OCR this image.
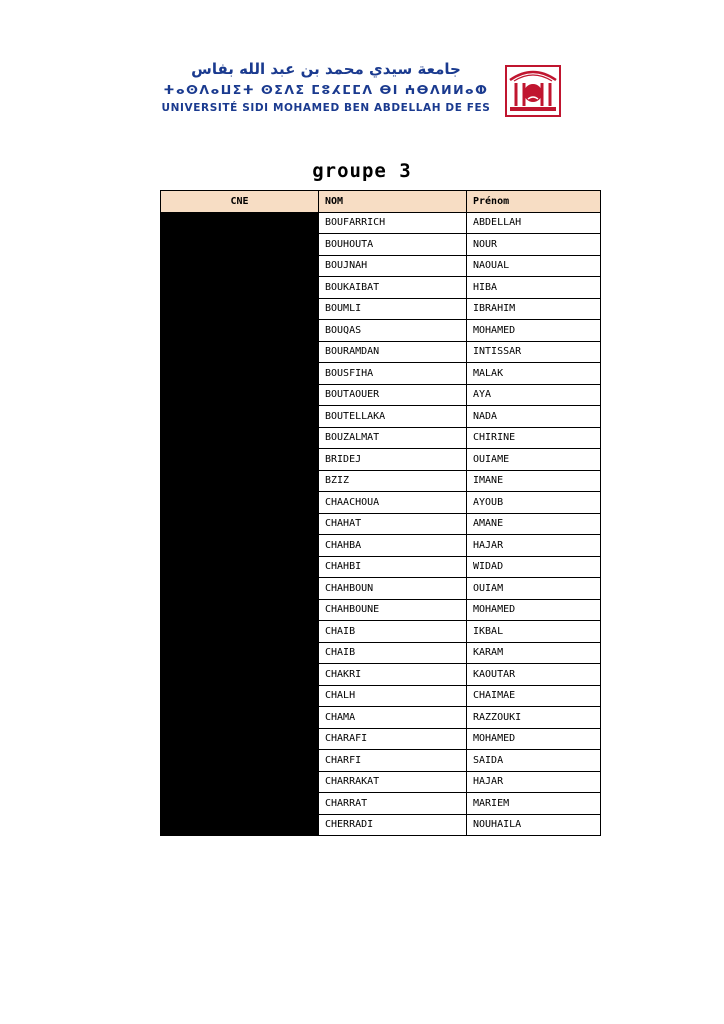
جامعة سيدي محمد بن عبد الله بفاس
ⵜⴰⵙⴷⴰⵡⵉⵜ ⵙⵉⴷⵉ ⵎⵓⵃⵎⵎⴷ ⴱⵏ ⵄⴱⴷⵍⵍⴰⵀ
UNIVERSITÉ SIDI MOHAMED BEN ABDELLAH DE FES
groupe 3
CNE	NOM	Prénom
	BOUFARRICH	ABDELLAH
	BOUHOUTA	NOUR
	BOUJNAH	NAOUAL
	BOUKAIBAT	HIBA
	BOUMLI	IBRAHIM
	BOUQAS	MOHAMED
	BOURAMDAN	INTISSAR
	BOUSFIHA	MALAK
	BOUTAOUER	AYA
	BOUTELLAKA	NADA
	BOUZALMAT	CHIRINE
	BRIDEJ	OUIAME
	BZIZ	IMANE
	CHAACHOUA	AYOUB
	CHAHAT	AMANE
	CHAHBA	HAJAR
	CHAHBI	WIDAD
	CHAHBOUN	OUIAM
	CHAHBOUNE	MOHAMED
	CHAIB	IKBAL
	CHAIB	KARAM
	CHAKRI	KAOUTAR
	CHALH	CHAIMAE
	CHAMA	RAZZOUKI
	CHARAFI	MOHAMED
	CHARFI	SAIDA
	CHARRAKAT	HAJAR
	CHARRAT	MARIEM
	CHERRADI	NOUHAILA
